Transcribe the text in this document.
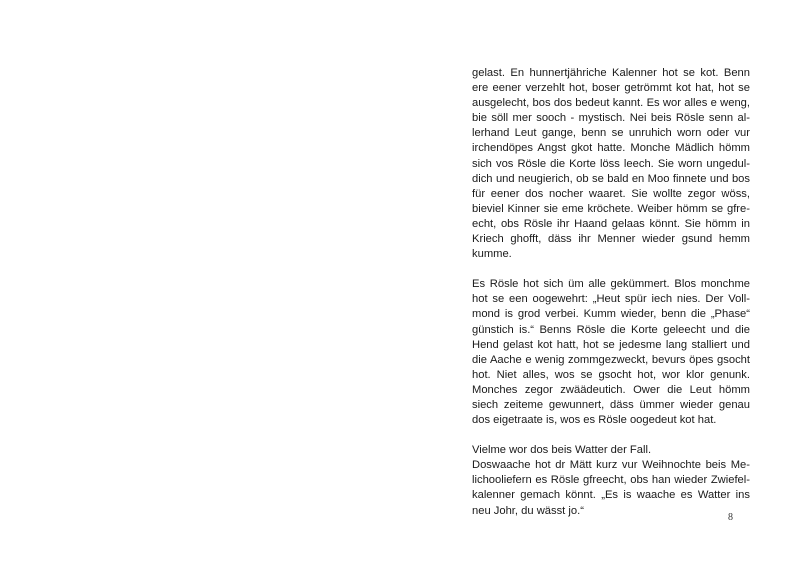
gelast. En hunnertjähriche Kalenner hot se kot. Benn ere eener verzehlt hot, boser getrömmt kot hat, hot se ausgelecht, bos dos bedeut kannt. Es wor alles e weng, bie söll mer sooch - mystisch. Nei beis Rösle senn allerhand Leut gange, benn se unruhich worn oder vur irchendöpes Angst gkot hatte. Monche Mädlich hömm sich vos Rösle die Korte löss leech. Sie worn ungeduldich und neugierich, ob se bald en Moo finnete und bos für eener dos nocher waaret. Sie wollte zegor wöss, bieviel Kinner sie eme kröchete. Weiber hömm se gfreecht, obs Rösle ihr Haand gelaas könnt. Sie hömm in Kriech ghofft, däss ihr Menner wieder gsund hemm kumme.

Es Rösle hot sich üm alle gekümmert. Blos monchme hot se een oogewehrt: „Heut spür iech nies. Der Vollmond is grod verbei. Kumm wieder, benn die „Phase“ günstich is.“ Benns Rösle die Korte geleecht und die Hend gelast kot hatt, hot se jedesme lang stalliert und die Aache e wenig zommgezweckt, bevurs öpes gsocht hot. Niet alles, wos se gsocht hot, wor klor genunk. Monches zegor zwäädeutich. Ower die Leut hömm siech zeiteme gewunnert, däss ümmer wieder genau dos eigetraate is, wos es Rösle oogedeut kot hat.

Vielme wor dos beis Watter der Fall.

Doswaache hot dr Mätt kurz vur Weihnochte beis Melichooliefern es Rösle gfreecht, obs han wieder Zwiefelkalenner gemach könnt. „Es is waache es Watter ins neu Johr, du wässt jo.“

8
